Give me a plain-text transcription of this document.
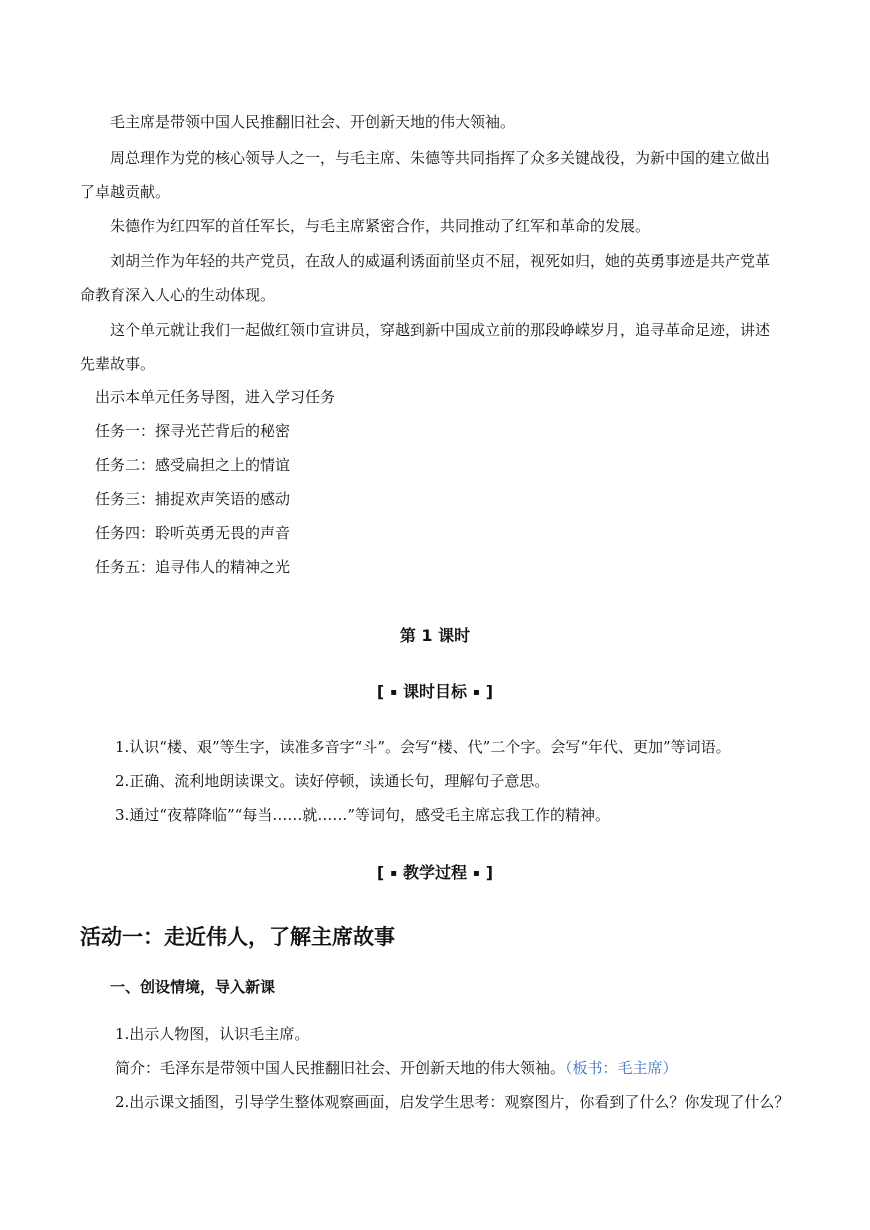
毛主席是带领中国人民推翻旧社会、开创新天地的伟大领袖。
周总理作为党的核心领导人之一，与毛主席、朱德等共同指挥了众多关键战役，为新中国的建立做出
了卓越贡献。
朱德作为红四军的首任军长，与毛主席紧密合作，共同推动了红军和革命的发展。
刘胡兰作为年轻的共产党员，在敌人的威逼利诱面前坚贞不屈，视死如归，她的英勇事迹是共产党革
命教育深入人心的生动体现。
这个单元就让我们一起做红领巾宣讲员，穿越到新中国成立前的那段峥嵘岁月，追寻革命足迹，讲述
先辈故事。
出示本单元任务导图，进入学习任务
任务一：探寻光芒背后的秘密
任务二：感受扁担之上的情谊
任务三：捕捉欢声笑语的感动
任务四：聆听英勇无畏的声音
任务五：追寻伟人的精神之光
第 1 课时
[ ▪ 课时目标 ▪ ]
1.认识“楼、艰”等生字，读准多音字“斗”。会写“楼、代”二个字。会写“年代、更加”等词语。
2.正确、流利地朗读课文。读好停顿，读通长句，理解句子意思。
3.通过“夜幕降临”“每当……就……”等词句，感受毛主席忘我工作的精神。
[ ▪ 教学过程 ▪ ]
活动一：走近伟人，了解主席故事
一、创设情境，导入新课
1.出示人物图，认识毛主席。
简介：毛泽东是带领中国人民推翻旧社会、开创新天地的伟大领袖。（板书：毛主席）
2.出示课文插图，引导学生整体观察画面，启发学生思考：观察图片，你看到了什么？你发现了什么？
